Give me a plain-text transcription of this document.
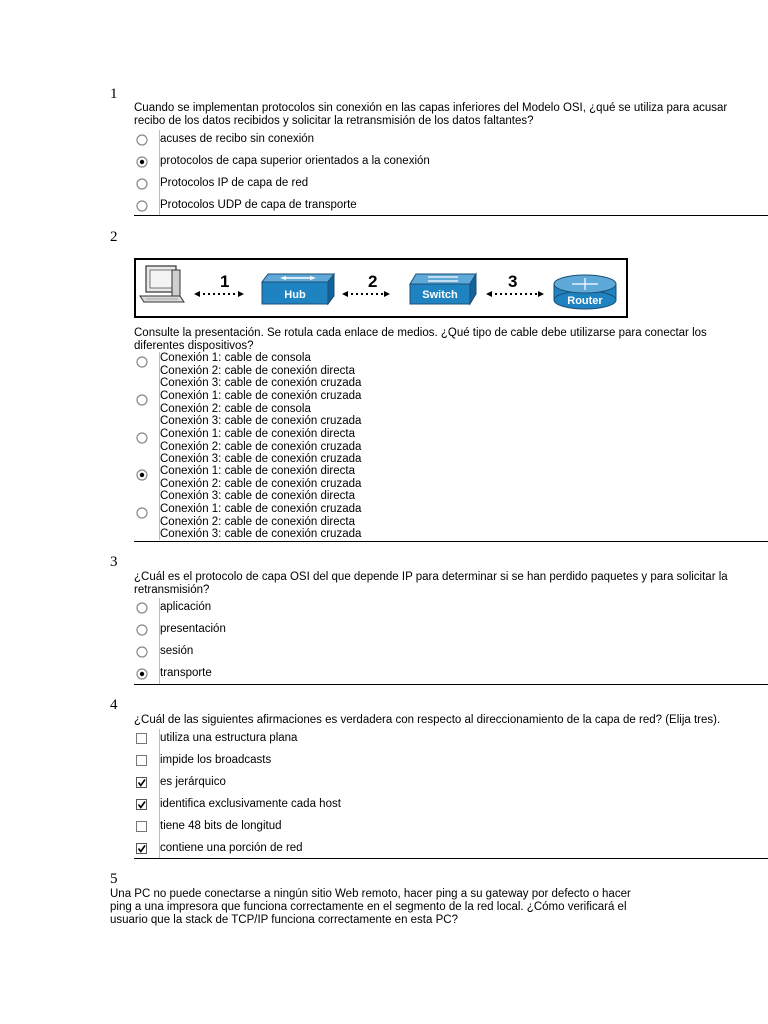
1
Cuando se implementan protocolos sin conexión en las capas inferiores del Modelo OSI, ¿qué se utiliza para acusar recibo de los datos recibidos y solicitar la retransmisión de los datos faltantes?
acuses de recibo sin conexión
protocolos de capa superior orientados a la conexión
Protocolos IP de capa de red
Protocolos UDP de capa de transporte
2
1
Hub
2
Switch
3
Router
Consulte la presentación. Se rotula cada enlace de medios. ¿Qué tipo de cable debe utilizarse para conectar los diferentes dispositivos?
Conexión 1: cable de consola
Conexión 2: cable de conexión directa
Conexión 3: cable de conexión cruzada
Conexión 1: cable de conexión cruzada
Conexión 2: cable de consola
Conexión 3: cable de conexión cruzada
Conexión 1: cable de conexión directa
Conexión 2: cable de conexión cruzada
Conexión 3: cable de conexión cruzada
Conexión 1: cable de conexión directa
Conexión 2: cable de conexión cruzada
Conexión 3: cable de conexión directa
Conexión 1: cable de conexión cruzada
Conexión 2: cable de conexión directa
Conexión 3: cable de conexión cruzada
3
¿Cuál es el protocolo de capa OSI del que depende IP para determinar si se han perdido paquetes y para solicitar la retransmisión?
aplicación
presentación
sesión
transporte
4
¿Cuál de las siguientes afirmaciones es verdadera con respecto al direccionamiento de la capa de red? (Elija tres).
utiliza una estructura plana
impide los broadcasts
es jerárquico
identifica exclusivamente cada host
tiene 48 bits de longitud
contiene una porción de red
5
Una PC no puede conectarse a ningún sitio Web remoto, hacer ping a su gateway por defecto o hacer ping a una impresora que funciona correctamente en el segmento de la red local. ¿Cómo verificará el usuario que la stack de TCP/IP funciona correctamente en esta PC?
